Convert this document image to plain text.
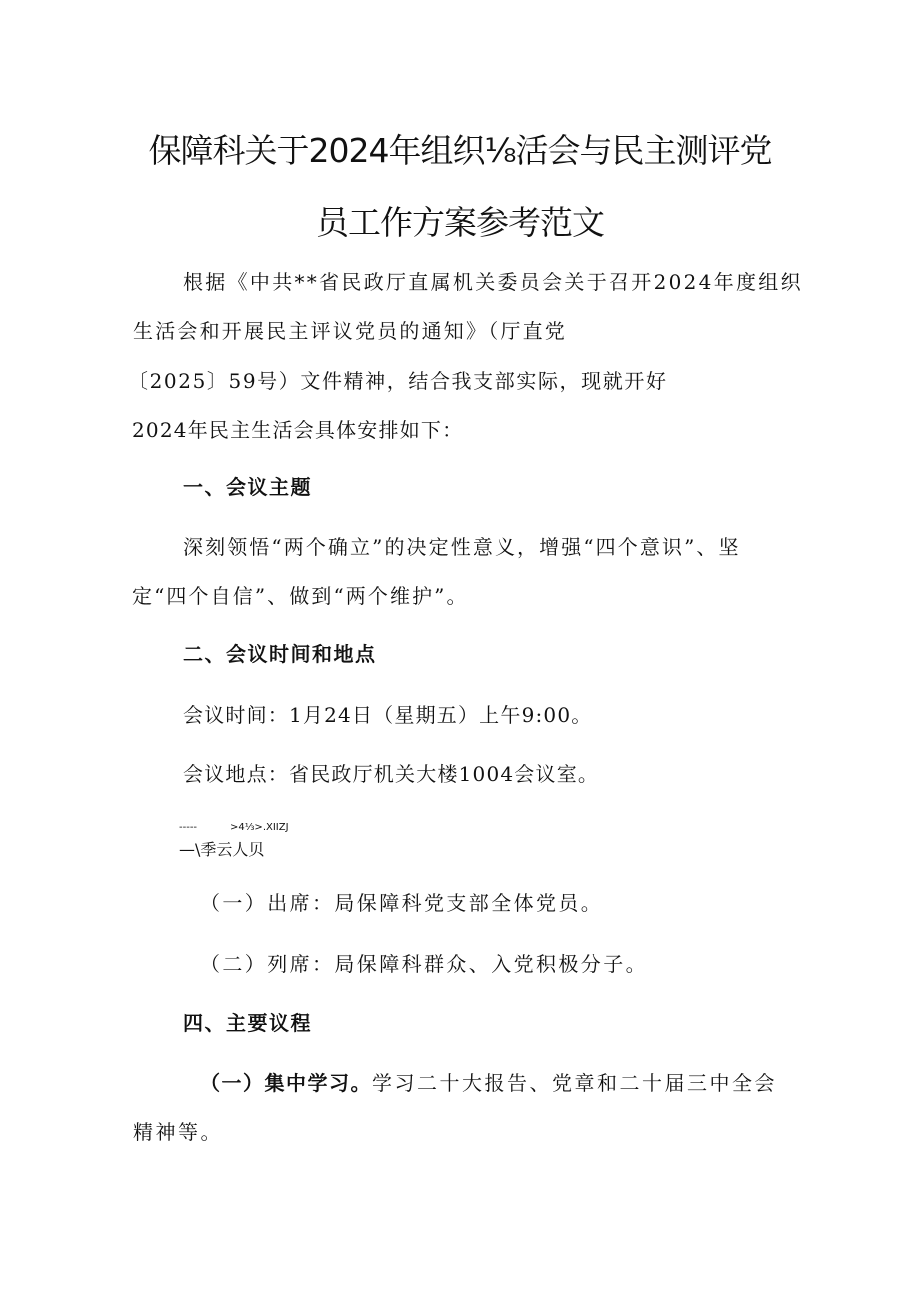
保障科关于2024年组织⅛活会与民主测评党
员工作方案参考范文
根据《中共**省民政厅直属机关委员会关于召开2024年度组织
生活会和开展民主评议党员的通知》（厅直党
〔2025〕59号）文件精神，结合我支部实际，现就开好
2024年民主生活会具体安排如下：
一、会议主题
深刻领悟“两个确立”的决定性意义，增强“四个意识”、坚
定“四个自信”、做到“两个维护”。
二、会议时间和地点
会议时间：1月24日（星期五）上午9:00。
会议地点：省民政厅机关大楼1004会议室。
-----	>4⅓>.XIIZJ
—\季云人贝
（一）出席：局保障科党支部全体党员。
（二）列席：局保障科群众、入党积极分子。
四、主要议程
（一）集中学习。学习二十大报告、党章和二十届三中全会
精神等。
